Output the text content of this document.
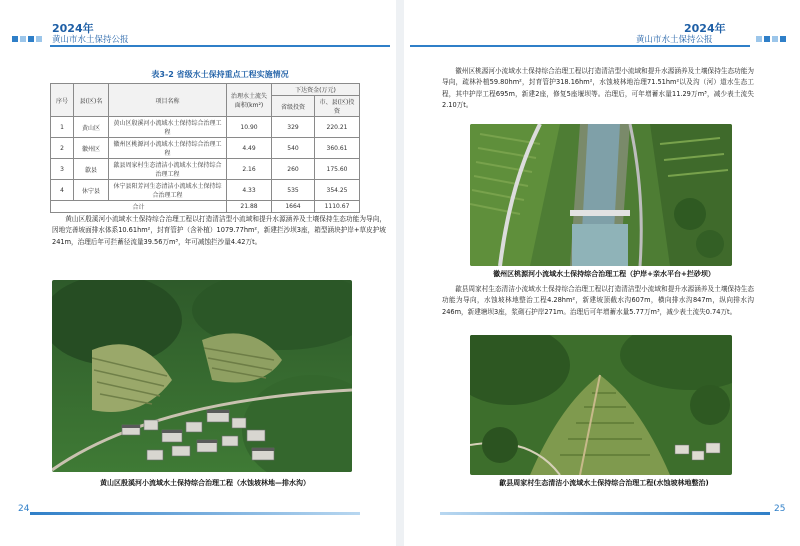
2024年
黄山市水土保持公报
表3-2 省级水土保持重点工程实施情况
序号	县(区)名	项目名称	治理水土流失面积(km²)	下达资金(万元)	
				省级投资	市、县(区)投资
1	黄山区	黄山区殷溪河小流域水土保持综合治理工程	10.90	329	220.21
2	徽州区	徽州区桃源河小流域水土保持综合治理工程	4.49	540	360.61
3	歙县	歙县周家村生态清洁小流域水土保持综合治理工程	2.16	260	175.60
4	休宁县	休宁县阳芳河生态清洁小流域水土保持综合治理工程	4.33	535	354.25
合计			21.88	1664	1110.67
黄山区殷溪河小流域水土保持综合治理工程以打造清洁型小流域和提升水源涵养及土壤保持生态功能为导向，因地完善坡面排水体系10.61hm²，封育管护（含补植）1079.77hm²，新建拦沙坝3座，箱型涵块护岸+草皮护坡241m，治理后年可拦蓄径流量39.56万m³，年可减蚀拦沙量4.42万t。
黄山区殷溪河小流域水土保持综合治理工程（水蚀坡林地—排水沟）
24
2024年
黄山市水土保持公报
徽州区桃源河小流域水土保持综合治理工程以打造清洁型小流域和提升水源涵养及土壤保持生态功能为导向，疏林补植59.80hm²，封育管护318.16hm²，水蚀坡林地治理71.51hm²以及沟（河）道水生态工程，其中护岸工程695m，新建2座，修复5座堰坝等。治理后，可年增蓄水量11.29万m³，减少表土流失2.10万t。
徽州区桃源河小流域水土保持综合治理工程（护岸+亲水平台+拦砂坝）
歙县周家村生态清洁小流域水土保持综合治理工程以打造清洁型小流域和提升水源涵养及土壤保持生态功能为导向，水蚀坡林地整治工程4.28hm²，新建坡顶截水沟607m，横向排水沟847m，纵向排水沟246m，新建塘坝3座，浆砌石护岸271m。治理后可年增蓄水量5.77万m³，减少表土流失0.74万t。
歙县周家村生态清洁小流域水土保持综合治理工程(水蚀坡林地整治)
25
